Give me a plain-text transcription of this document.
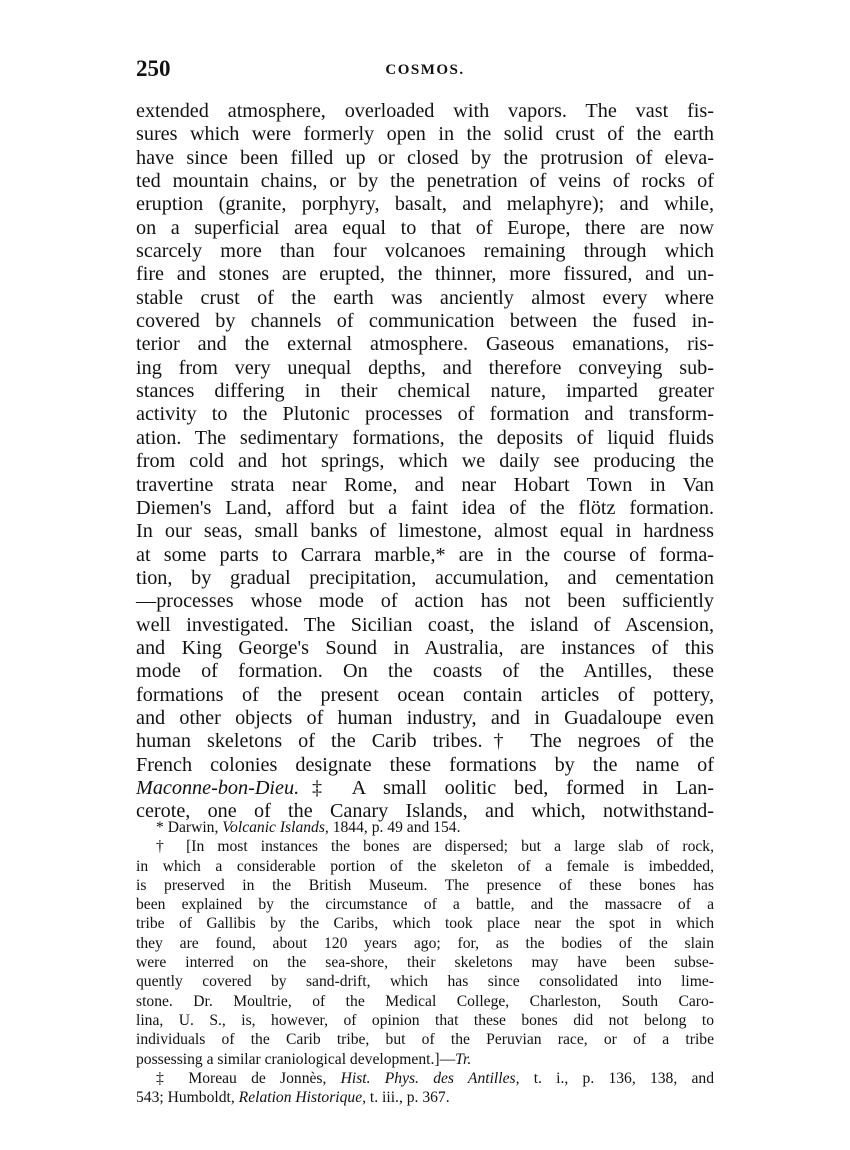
250	COSMOS.
extended atmosphere, overloaded with vapors. The vast fis-
sures which were formerly open in the solid crust of the earth
have since been filled up or closed by the protrusion of eleva-
ted mountain chains, or by the penetration of veins of rocks of
eruption (granite, porphyry, basalt, and melaphyre); and while,
on a superficial area equal to that of Europe, there are now
scarcely more than four volcanoes remaining through which
fire and stones are erupted, the thinner, more fissured, and un-
stable crust of the earth was anciently almost every where
covered by channels of communication between the fused in-
terior and the external atmosphere. Gaseous emanations, ris-
ing from very unequal depths, and therefore conveying sub-
stances differing in their chemical nature, imparted greater
activity to the Plutonic processes of formation and transform-
ation. The sedimentary formations, the deposits of liquid fluids
from cold and hot springs, which we daily see producing the
travertine strata near Rome, and near Hobart Town in Van
Diemen's Land, afford but a faint idea of the flötz formation.
In our seas, small banks of limestone, almost equal in hardness
at some parts to Carrara marble,* are in the course of forma-
tion, by gradual precipitation, accumulation, and cementation
—processes whose mode of action has not been sufficiently
well investigated. The Sicilian coast, the island of Ascension,
and King George's Sound in Australia, are instances of this
mode of formation. On the coasts of the Antilles, these
formations of the present ocean contain articles of pottery,
and other objects of human industry, and in Guadaloupe even
human skeletons of the Carib tribes.† The negroes of the
French colonies designate these formations by the name of
Maconne-bon-Dieu.‡ A small oolitic bed, formed in Lan-
cerote, one of the Canary Islands, and which, notwithstand-
* Darwin, Volcanic Islands, 1844, p. 49 and 154.
† [In most instances the bones are dispersed; but a large slab of rock,
in which a considerable portion of the skeleton of a female is imbedded,
is preserved in the British Museum. The presence of these bones has
been explained by the circumstance of a battle, and the massacre of a
tribe of Gallibis by the Caribs, which took place near the spot in which
they are found, about 120 years ago; for, as the bodies of the slain
were interred on the sea-shore, their skeletons may have been subse-
quently covered by sand-drift, which has since consolidated into lime-
stone. Dr. Moultrie, of the Medical College, Charleston, South Caro-
lina, U. S., is, however, of opinion that these bones did not belong to
individuals of the Carib tribe, but of the Peruvian race, or of a tribe
possessing a similar craniological development.]—Tr.
‡ Moreau de Jonnès, Hist. Phys. des Antilles, t. i., p. 136, 138, and
543; Humboldt, Relation Historique, t. iii., p. 367.
